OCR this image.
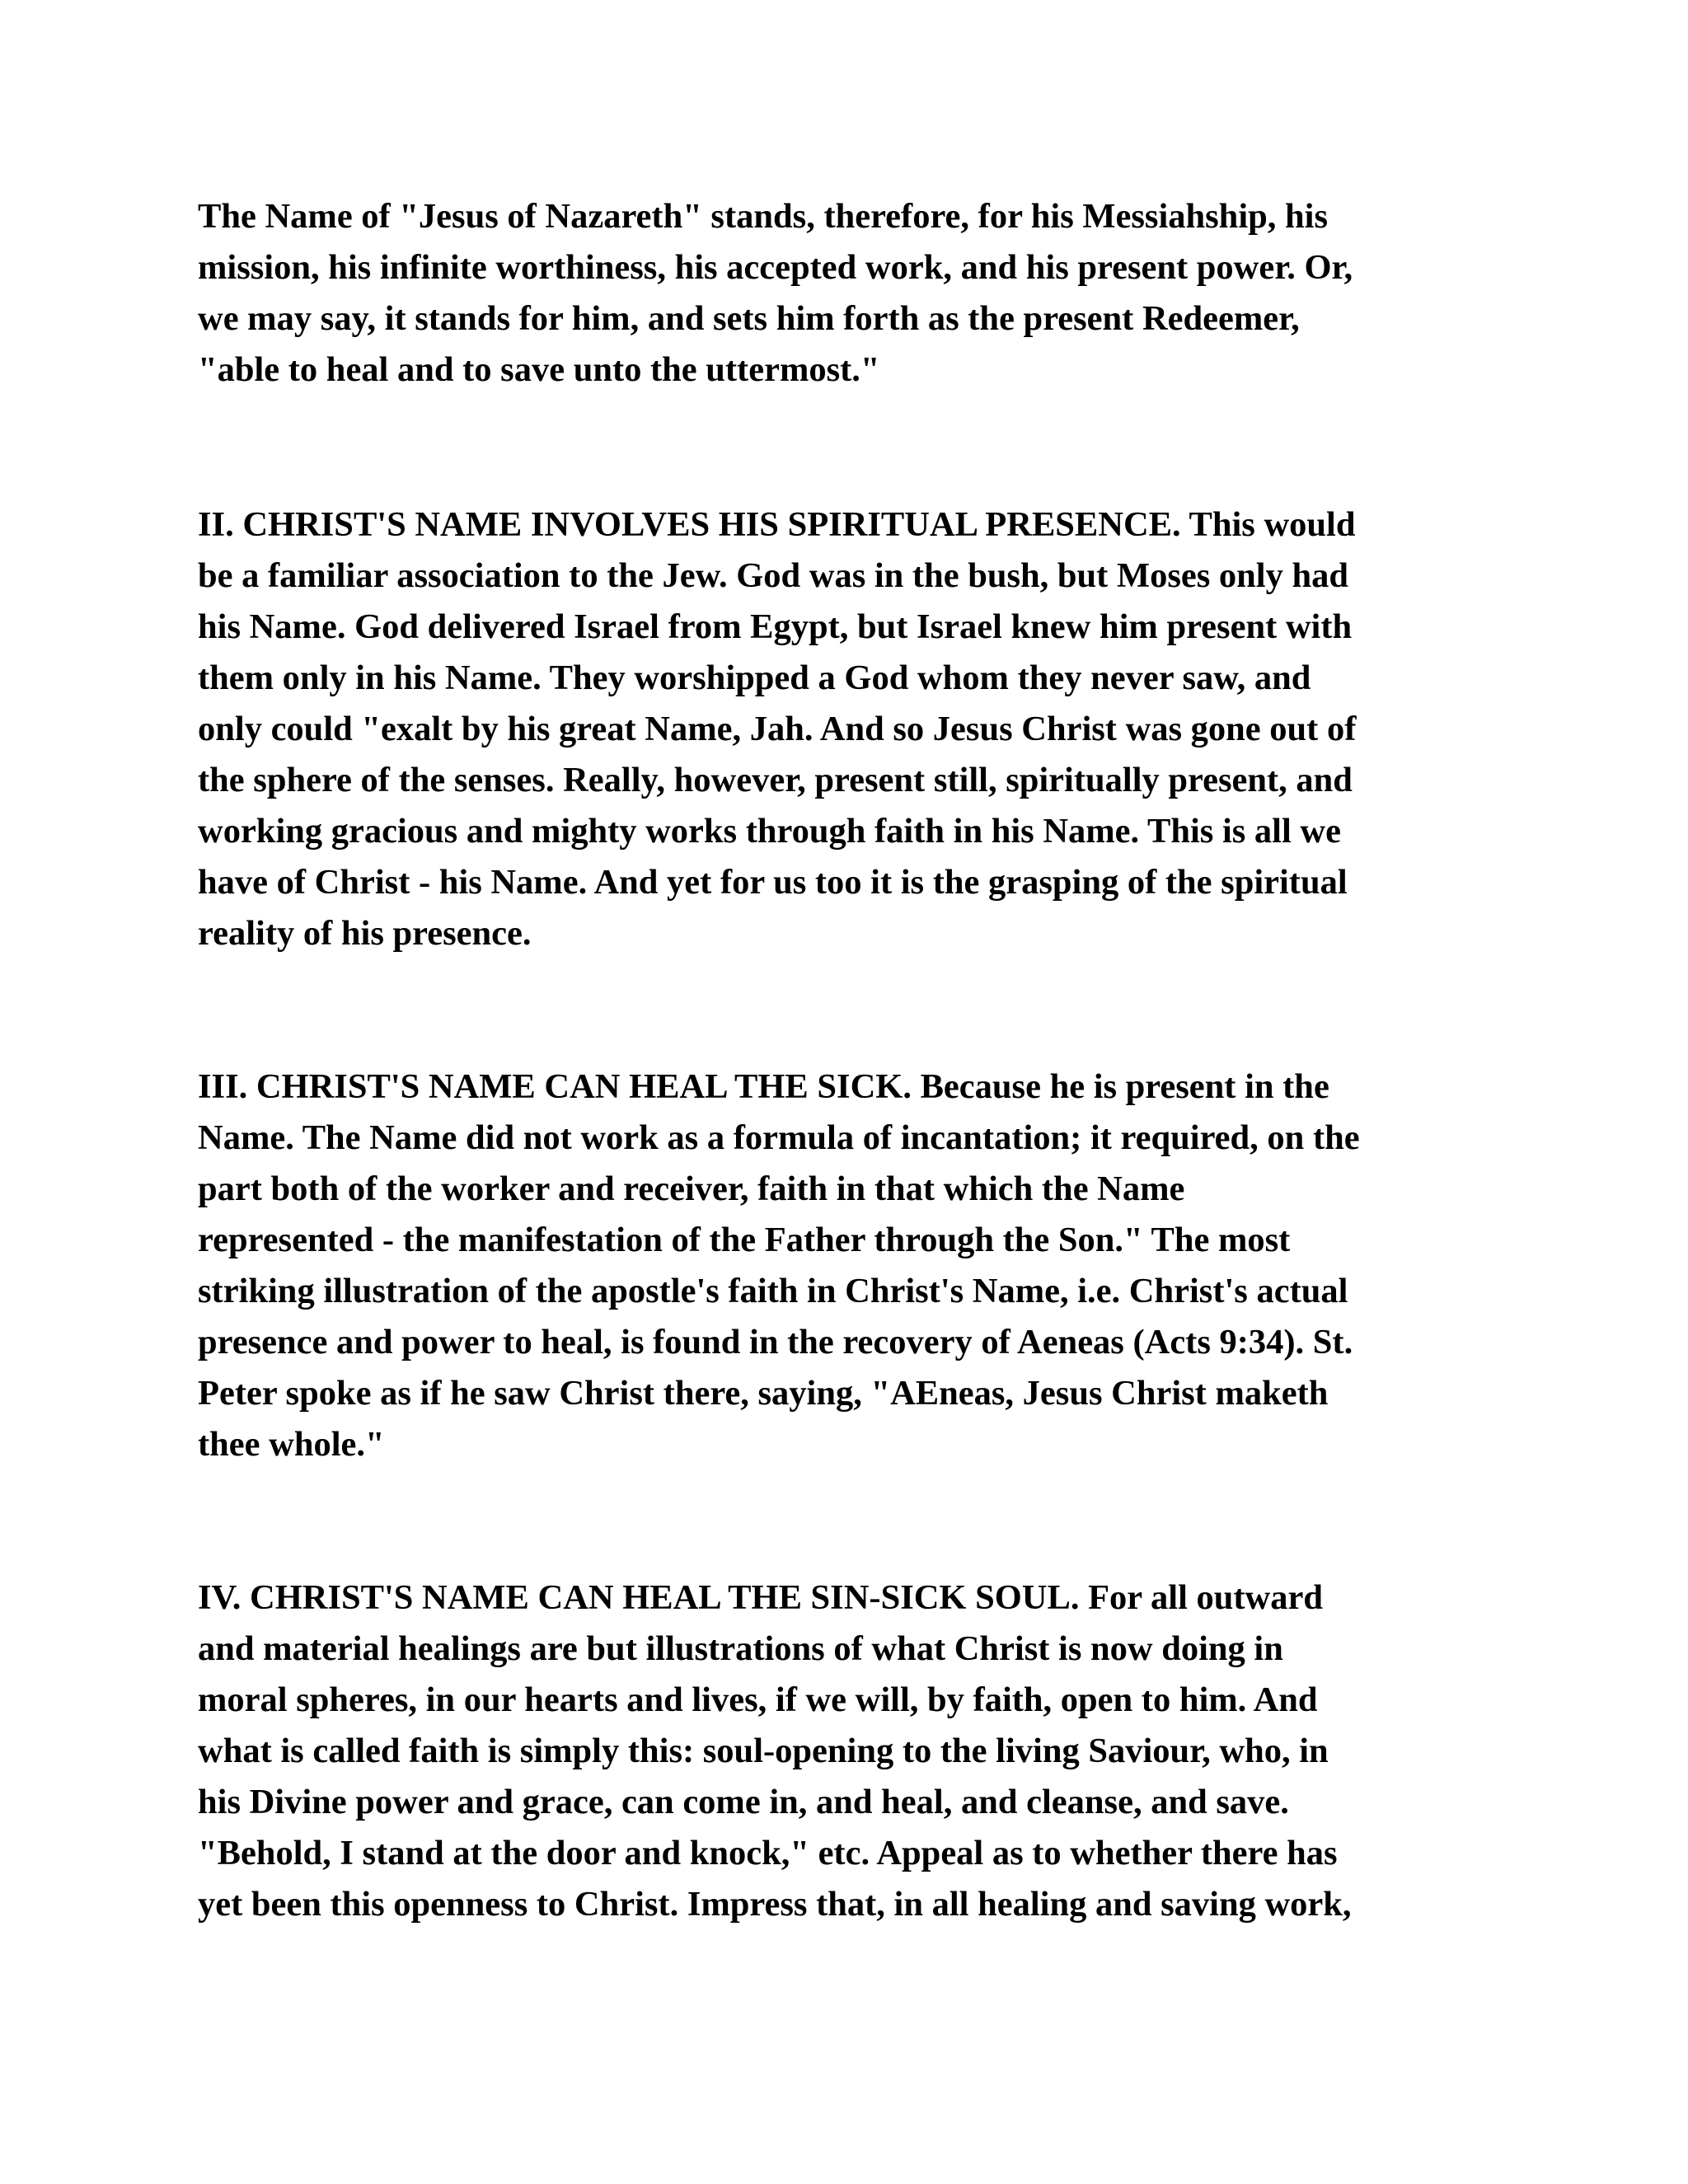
The Name of "Jesus of Nazareth" stands, therefore, for his Messiahship, his
mission, his infinite worthiness, his accepted work, and his present power. Or,
we may say, it stands for him, and sets him forth as the present Redeemer,
"able to heal and to save unto the uttermost."
II. CHRIST'S NAME INVOLVES HIS SPIRITUAL PRESENCE. This would
be a familiar association to the Jew. God was in the bush, but Moses only had
his Name. God delivered Israel from Egypt, but Israel knew him present with
them only in his Name. They worshipped a God whom they never saw, and
only could "exalt by his great Name, Jah. And so Jesus Christ was gone out of
the sphere of the senses. Really, however, present still, spiritually present, and
working gracious and mighty works through faith in his Name. This is all we
have of Christ - his Name. And yet for us too it is the grasping of the spiritual
reality of his presence.
III. CHRIST'S NAME CAN HEAL THE SICK. Because he is present in the
Name. The Name did not work as a formula of incantation; it required, on the
part both of the worker and receiver, faith in that which the Name
represented - the manifestation of the Father through the Son." The most
striking illustration of the apostle's faith in Christ's Name, i.e. Christ's actual
presence and power to heal, is found in the recovery of Aeneas (Acts 9:34). St.
Peter spoke as if he saw Christ there, saying, "AEneas, Jesus Christ maketh
thee whole."
IV. CHRIST'S NAME CAN HEAL THE SIN-SICK SOUL. For all outward
and material healings are but illustrations of what Christ is now doing in
moral spheres, in our hearts and lives, if we will, by faith, open to him. And
what is called faith is simply this: soul-opening to the living Saviour, who, in
his Divine power and grace, can come in, and heal, and cleanse, and save.
"Behold, I stand at the door and knock," etc. Appeal as to whether there has
yet been this openness to Christ. Impress that, in all healing and saving work,
